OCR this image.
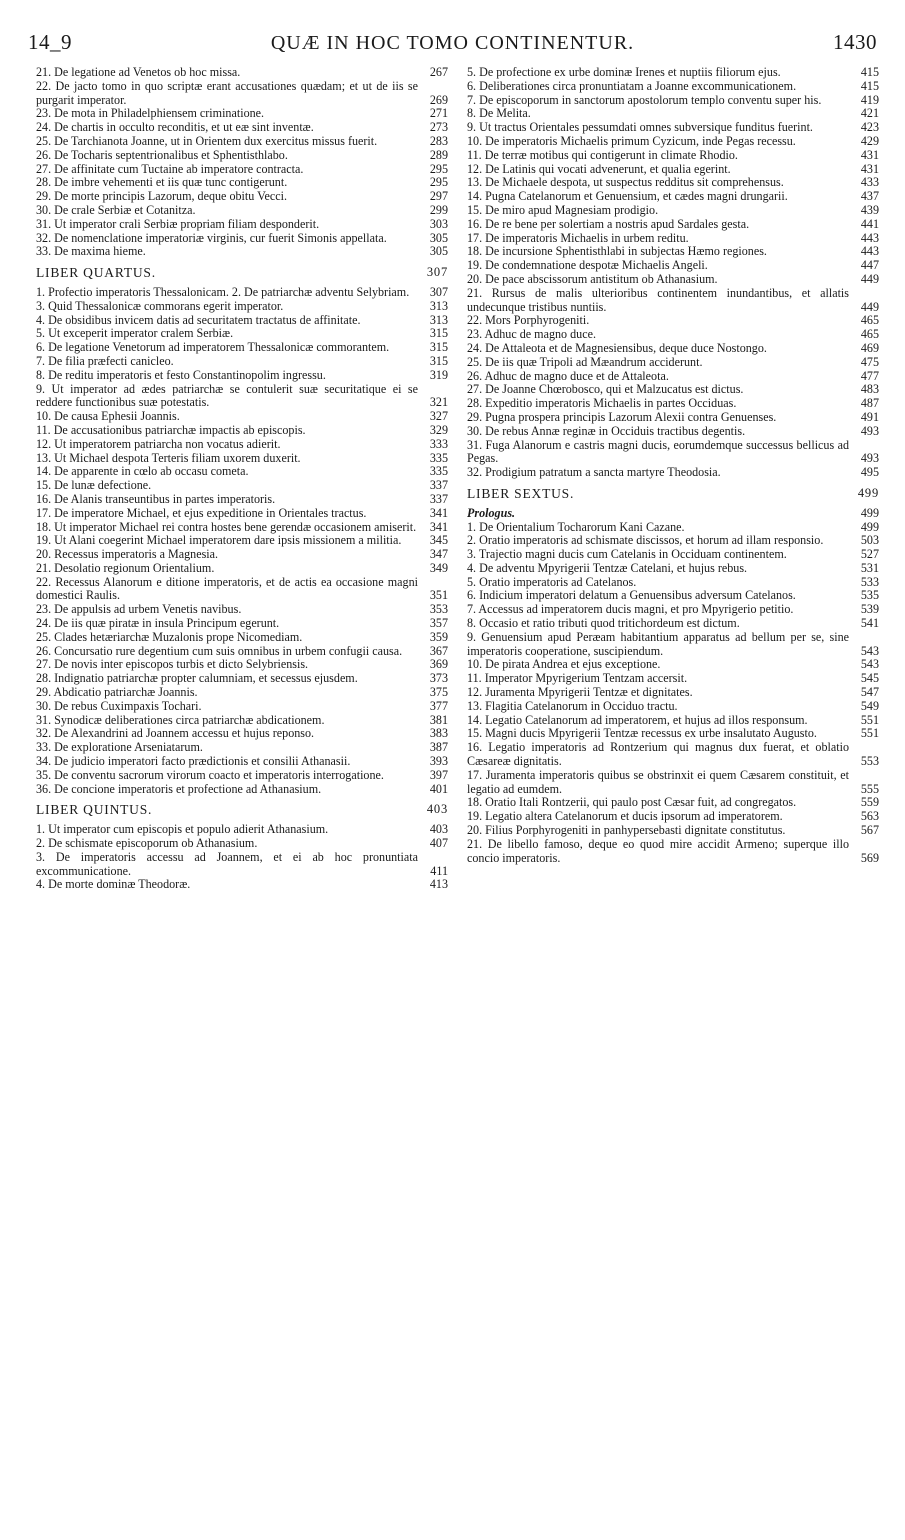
14_9	QUÆ IN HOC TOMO CONTINENTUR.	1430
21. De legatione ad Venetos ob hoc missa.	267
22. De jacto tomo in quo scriptæ erant accusationes quædam; et ut de iis se purgarit imperator.	269
23. De mota in Philadelphiensem criminatione.	271
24. De chartis in occulto reconditis, et ut eæ sint inventæ.	273
25. De Tarchianota Joanne, ut in Orientem dux exercitus missus fuerit.	283
26. De Tocharis septentrionalibus et Sphentisthlabo.	289
27. De affinitate cum Tuctaine ab imperatore contracta.	295
28. De imbre vehementi et iis quæ tunc contigerunt.	295
29. De morte principis Lazorum, deque obitu Vecci.	297
30. De crale Serbiæ et Cotanitza.	299
31. Ut imperator crali Serbiæ propriam filiam desponderit.	303
32. De nomenclatione imperatoriæ virginis, cur fuerit Simonis appellata.	305
33. De maxima hieme.	305
LIBER QUARTUS.	307
1. Profectio imperatoris Thessalonicam. 2. De patriarchæ adventu Selybriam.	307
3. Quid Thessalonicæ commorans egerit imperator.	313
4. De obsidibus invicem datis ad securitatem tractatus de affinitate.	313
5. Ut exceperit imperator cralem Serbiæ.	315
6. De legatione Venetorum ad imperatorem Thessalonicæ commorantem.	315
7. De filia præfecti canicleo.	315
8. De reditu imperatoris et festo Constantinopolim ingressu.	319
9. Ut imperator ad ædes patriarchæ se contulerit suæ securitatique ei se reddere functionibus suæ potestatis.	321
10. De causa Ephesii Joannis.	327
11. De accusationibus patriarchæ impactis ab episcopis.	329
12. Ut imperatorem patriarcha non vocatus adierit.	333
13. Ut Michael despota Terteris filiam uxorem duxerit.	335
14. De apparente in cœlo ab occasu cometa.	335
15. De lunæ defectione.	337
16. De Alanis transeuntibus in partes imperatoris.	337
17. De imperatore Michael, et ejus expeditione in Orientales tractus.	341
18. Ut imperator Michael rei contra hostes bene gerendæ occasionem amiserit.	341
19. Ut Alani coegerint Michael imperatorem dare ipsis missionem a militia.	345
20. Recessus imperatoris a Magnesia.	347
21. Desolatio regionum Orientalium.	349
22. Recessus Alanorum e ditione imperatoris, et de actis ea occasione magni domestici Raulis.	351
23. De appulsis ad urbem Venetis navibus.	353
24. De iis quæ piratæ in insula Principum egerunt.	357
25. Clades hetæriarchæ Muzalonis prope Nicomediam.	359
26. Concursatio rure degentium cum suis omnibus in urbem confugii causa.	367
27. De novis inter episcopos turbis et dicto Selybriensis.	369
28. Indignatio patriarchæ propter calumniam, et secessus ejusdem.	373
29. Abdicatio patriarchæ Joannis.	375
30. De rebus Cuximpaxis Tochari.	377
31. Synodicæ deliberationes circa patriarchæ abdicationem.	381
32. De Alexandrini ad Joannem accessu et hujus reponso.	383
33. De exploratione Arseniatarum.	387
34. De judicio imperatori facto prædictionis et consilii Athanasii.	393
35. De conventu sacrorum virorum coacto et imperatoris interrogatione.	397
36. De concione imperatoris et profectione ad Athanasium.	401
LIBER QUINTUS.	403
1. Ut imperator cum episcopis et populo adierit Athanasium.	403
2. De schismate episcoporum ob Athanasium.	407
3. De imperatoris accessu ad Joannem, et ei ab hoc pronuntiata excommunicatione.	411
4. De morte dominæ Theodoræ.	413
5. De profectione ex urbe dominæ Irenes et nuptiis filiorum ejus.	415
6. Deliberationes circa pronuntiatam a Joanne excommunicationem.	415
7. De episcoporum in sanctorum apostolorum templo conventu super his.	419
8. De Melita.	421
9. Ut tractus Orientales pessumdati omnes subversique funditus fuerint.	423
10. De imperatoris Michaelis primum Cyzicum, inde Pegas recessu.	429
11. De terræ motibus qui contigerunt in climate Rhodio.	431
12. De Latinis qui vocati advenerunt, et qualia egerint.	431
13. De Michaele despota, ut suspectus redditus sit comprehensus.	433
14. Pugna Catelanorum et Genuensium, et cædes magni drungarii.	437
15. De miro apud Magnesiam prodigio.	439
16. De re bene per solertiam a nostris apud Sardales gesta.	441
17. De imperatoris Michaelis in urbem reditu.	443
18. De incursione Sphentisthlabi in subjectas Hæmo regiones.	443
19. De condemnatione despotæ Michaelis Angeli.	447
20. De pace abscissorum antistitum ob Athanasium.	449
21. Rursus de malis ulterioribus continentem inundantibus, et allatis undecunque tristibus nuntiis.	449
22. Mors Porphyrogeniti.	465
23. Adhuc de magno duce.	465
24. De Attaleota et de Magnesiensibus, deque duce Nostongo.	469
25. De iis quæ Tripoli ad Mæandrum acciderunt.	475
26. Adhuc de magno duce et de Attaleota.	477
27. De Joanne Chœrobosco, qui et Malzucatus est dictus.	483
28. Expeditio imperatoris Michaelis in partes Occiduas.	487
29. Pugna prospera principis Lazorum Alexii contra Genuenses.	491
30. De rebus Annæ reginæ in Occiduis tractibus degentis.	493
31. Fuga Alanorum e castris magni ducis, eorumdemque successus bellicus ad Pegas.	493
32. Prodigium patratum a sancta martyre Theodosia.	495
LIBER SEXTUS.	499
Prologus.	499
1. De Orientalium Tocharorum Kani Cazane.	499
2. Oratio imperatoris ad schismate discissos, et horum ad illam responsio.	503
3. Trajectio magni ducis cum Catelanis in Occiduam continentem.	527
4. De adventu Mpyrigerii Tentzæ Catelani, et hujus rebus.	531
5. Oratio imperatoris ad Catelanos.	533
6. Indicium imperatori delatum a Genuensibus adversum Catelanos.	535
7. Accessus ad imperatorem ducis magni, et pro Mpyrigerio petitio.	539
8. Occasio et ratio tributi quod tritichordeum est dictum.	541
9. Genuensium apud Peræam habitantium apparatus ad bellum per se, sine imperatoris cooperatione, suscipiendum.	543
10. De pirata Andrea et ejus exceptione.	543
11. Imperator Mpyrigerium Tentzam accersit.	545
12. Juramenta Mpyrigerii Tentzæ et dignitates.	547
13. Flagitia Catelanorum in Occiduo tractu.	549
14. Legatio Catelanorum ad imperatorem, et hujus ad illos responsum.	551
15. Magni ducis Mpyrigerii Tentzæ recessus ex urbe insalutato Augusto.	551
16. Legatio imperatoris ad Rontzerium qui magnus dux fuerat, et oblatio Cæsareæ dignitatis.	553
17. Juramenta imperatoris quibus se obstrinxit ei quem Cæsarem constituit, et legatio ad eumdem.	555
18. Oratio Itali Rontzerii, qui paulo post Cæsar fuit, ad congregatos.	559
19. Legatio altera Catelanorum et ducis ipsorum ad imperatorem.	563
20. Filius Porphyrogeniti in panhypersebasti dignitate constitutus.	567
21. De libello famoso, deque eo quod mire accidit Armeno; superque illo concio imperatoris.	569
